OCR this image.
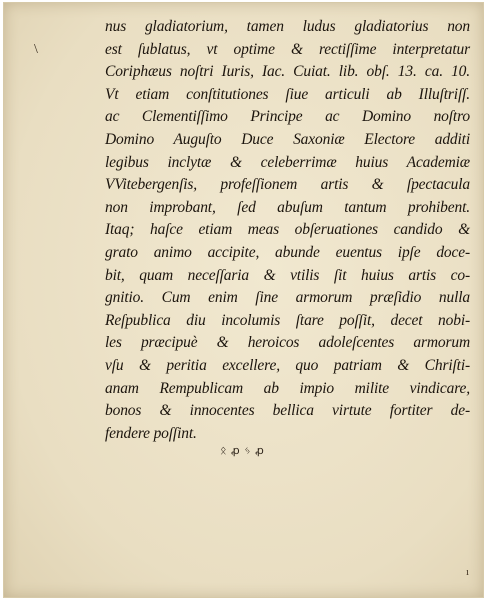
\

nus gladiatorium, tamen ludus gladiatorius non

est ſublatus, vt optime & rectiſſime interpretatur

Coriphæus noſtri Iuris, Iac. Cuiat. lib. obſ. 13. ca. 10.

Vt etiam conſtitutiones ſiue articuli ab Illuſtriſſ.

ac Clementiſſimo Principe ac Domino noſtro

Domino Auguſto Duce Saxoniæ Electore additi

legibus inclytæ & celeberrimæ huius Academiæ

VVitebergenſis, profeſſionem artis & ſpectacula

non improbant, ſed abuſum tantum prohibent.

Itaq; haſce etiam meas obſeruationes candido &

grato animo accipite, abunde euentus ipſe doce-

bit, quam neceſſaria & vtilis ſit huius artis co-

gnitio. Cum enim ſine armorum præſidio nulla

Reſpublica diu incolumis ſtare poſſit, decet nobi-

les præcipuè & heroicos adoleſcentes armorum

vſu & peritia excellere, quo patriam & Chriſti-

anam Rempublicam ab impio milite vindicare,

bonos & innocentes bellica virtute fortiter de-

fendere poſſint.

ᛟ ꝓ ᛃ ꝓ
ı
